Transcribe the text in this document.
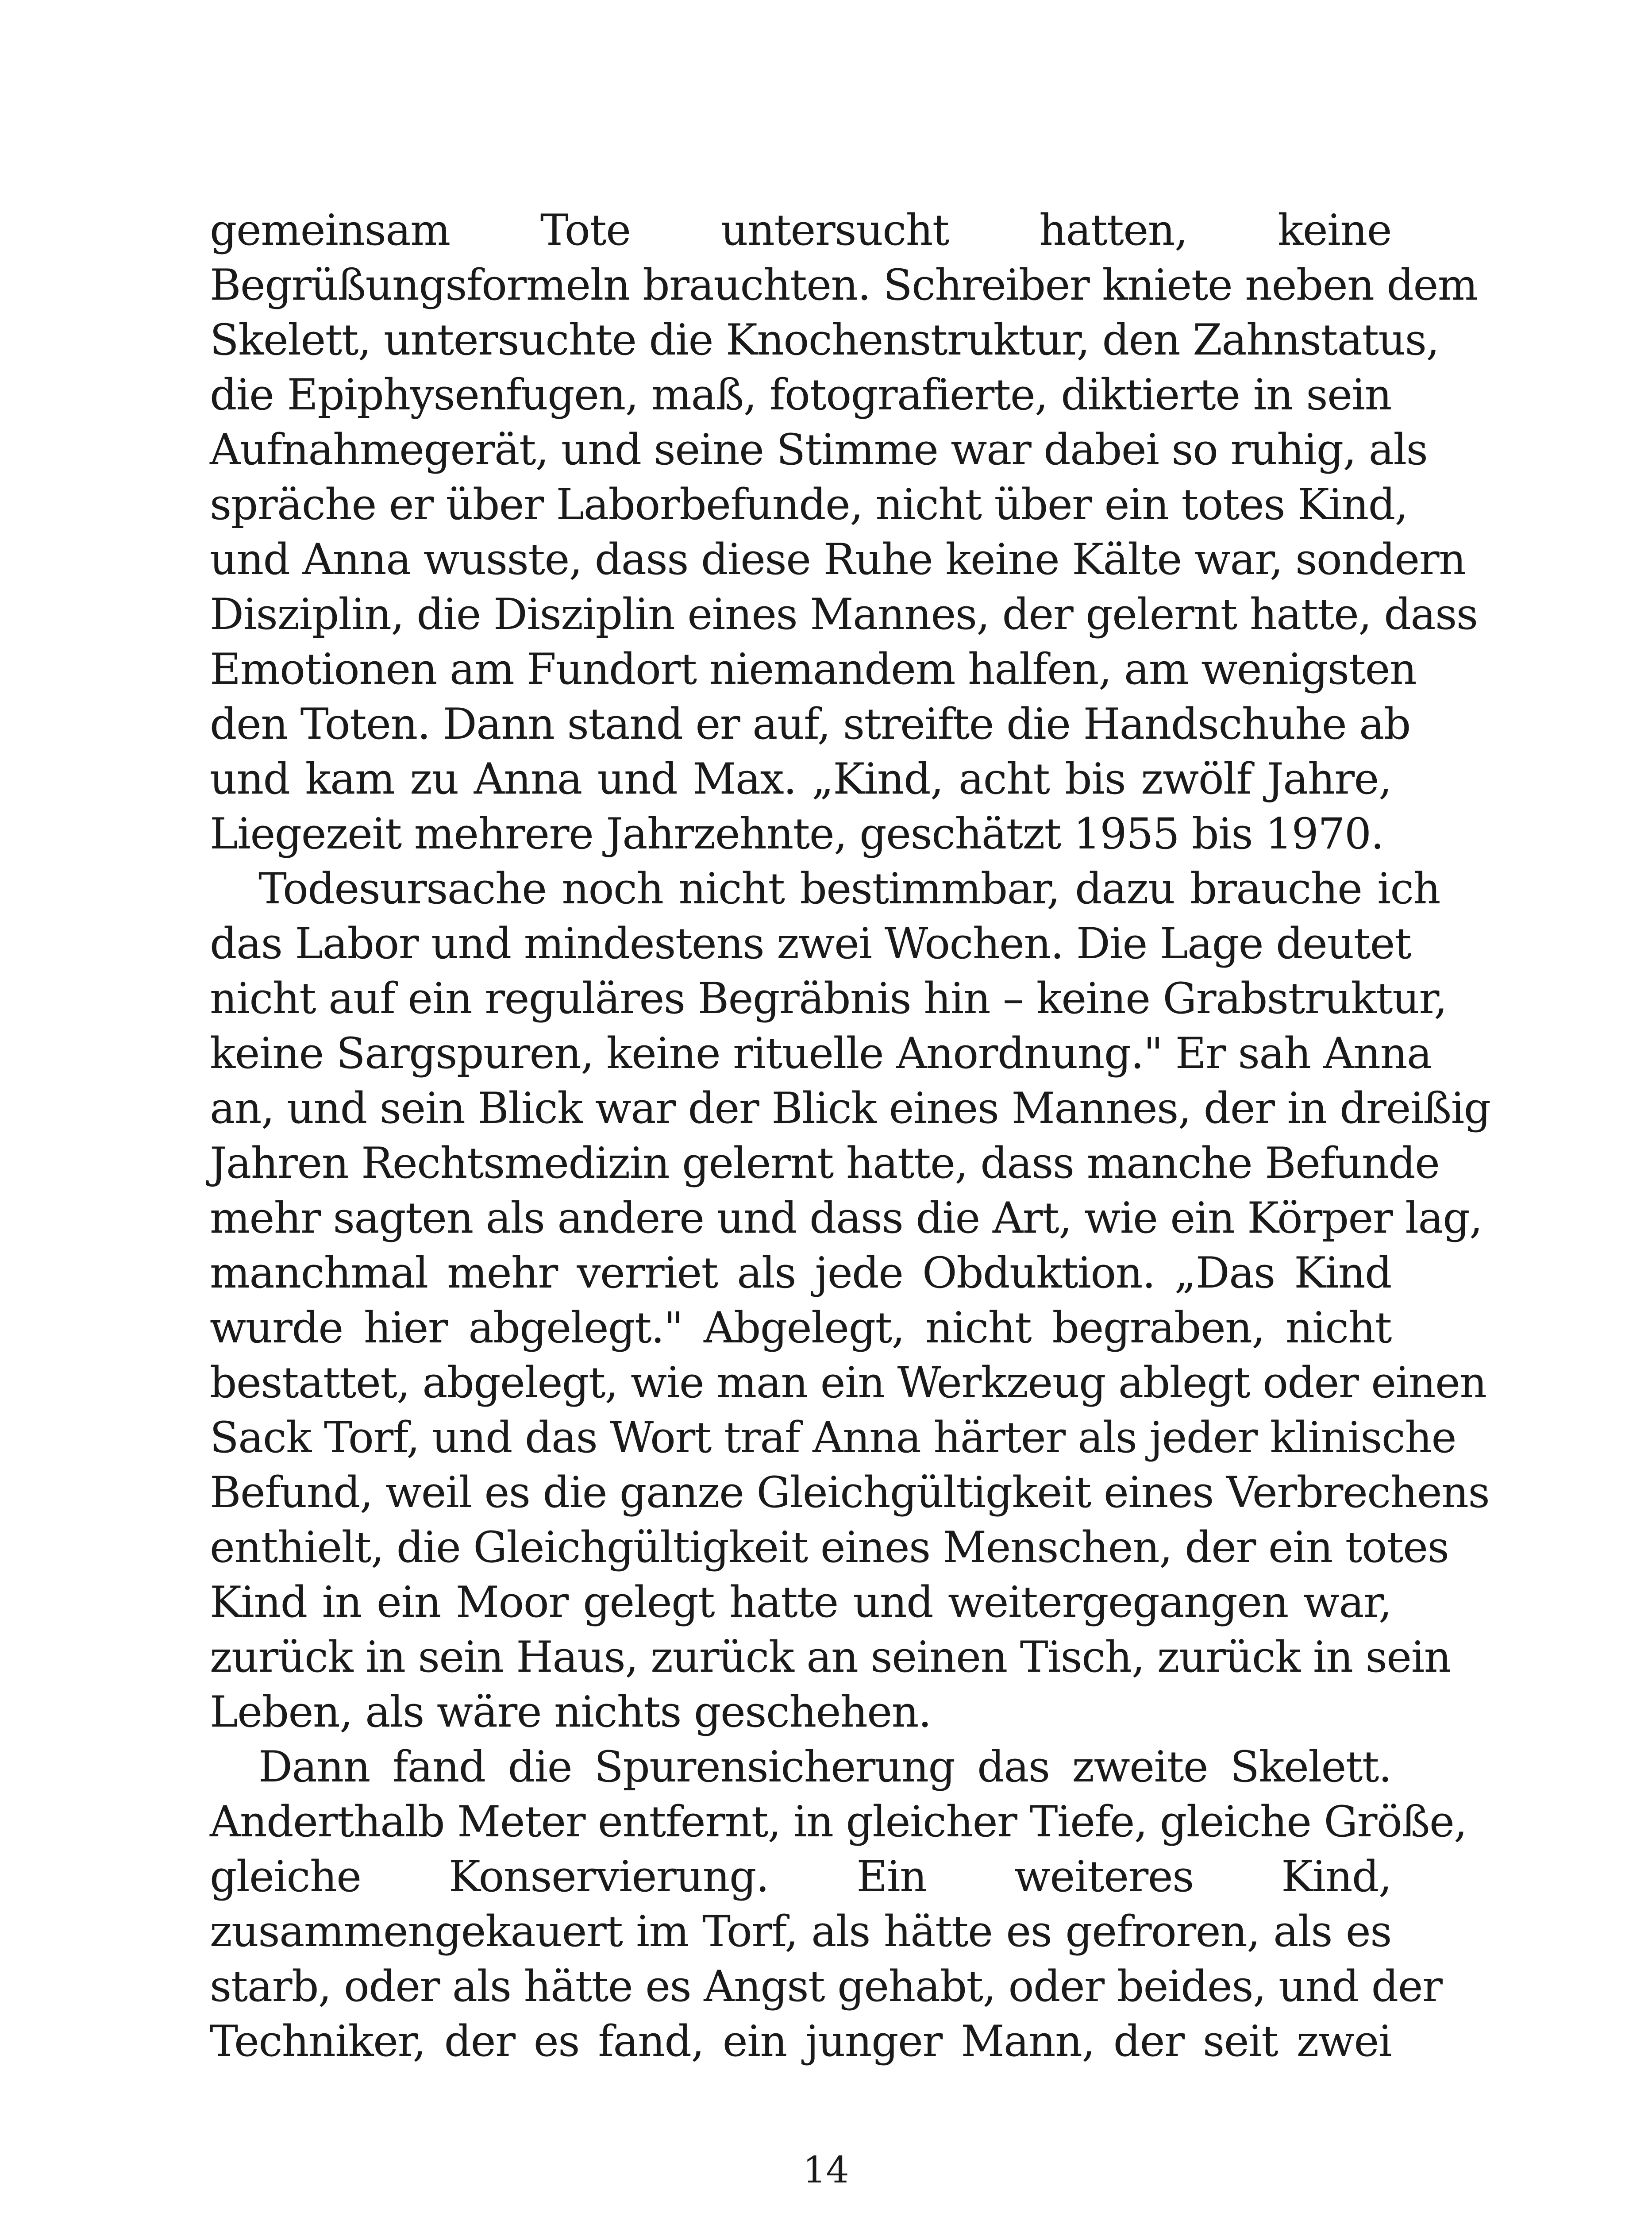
gemeinsam Tote untersucht hatten, keine
Begrüßungsformeln brauchten. Schreiber kniete neben dem
Skelett, untersuchte die Knochenstruktur, den Zahnstatus,
die Epiphysenfugen, maß, fotografierte, diktierte in sein
Aufnahmegerät, und seine Stimme war dabei so ruhig, als
spräche er über Laborbefunde, nicht über ein totes Kind,
und Anna wusste, dass diese Ruhe keine Kälte war, sondern
Disziplin, die Disziplin eines Mannes, der gelernt hatte, dass
Emotionen am Fundort niemandem halfen, am wenigsten
den Toten. Dann stand er auf, streifte die Handschuhe ab
und kam zu Anna und Max. „Kind, acht bis zwölf Jahre,
Liegezeit mehrere Jahrzehnte, geschätzt 1955 bis 1970.
Todesursache noch nicht bestimmbar, dazu brauche ich
das Labor und mindestens zwei Wochen. Die Lage deutet
nicht auf ein reguläres Begräbnis hin – keine Grabstruktur,
keine Sargspuren, keine rituelle Anordnung." Er sah Anna
an, und sein Blick war der Blick eines Mannes, der in dreißig
Jahren Rechtsmedizin gelernt hatte, dass manche Befunde
mehr sagten als andere und dass die Art, wie ein Körper lag,
manchmal mehr verriet als jede Obduktion. „Das Kind
wurde hier abgelegt." Abgelegt, nicht begraben, nicht
bestattet, abgelegt, wie man ein Werkzeug ablegt oder einen
Sack Torf, und das Wort traf Anna härter als jeder klinische
Befund, weil es die ganze Gleichgültigkeit eines Verbrechens
enthielt, die Gleichgültigkeit eines Menschen, der ein totes
Kind in ein Moor gelegt hatte und weitergegangen war,
zurück in sein Haus, zurück an seinen Tisch, zurück in sein
Leben, als wäre nichts geschehen.
Dann fand die Spurensicherung das zweite Skelett.
Anderthalb Meter entfernt, in gleicher Tiefe, gleiche Größe,
gleiche Konservierung. Ein weiteres Kind,
zusammengekauert im Torf, als hätte es gefroren, als es
starb, oder als hätte es Angst gehabt, oder beides, und der
Techniker, der es fand, ein junger Mann, der seit zwei
14
